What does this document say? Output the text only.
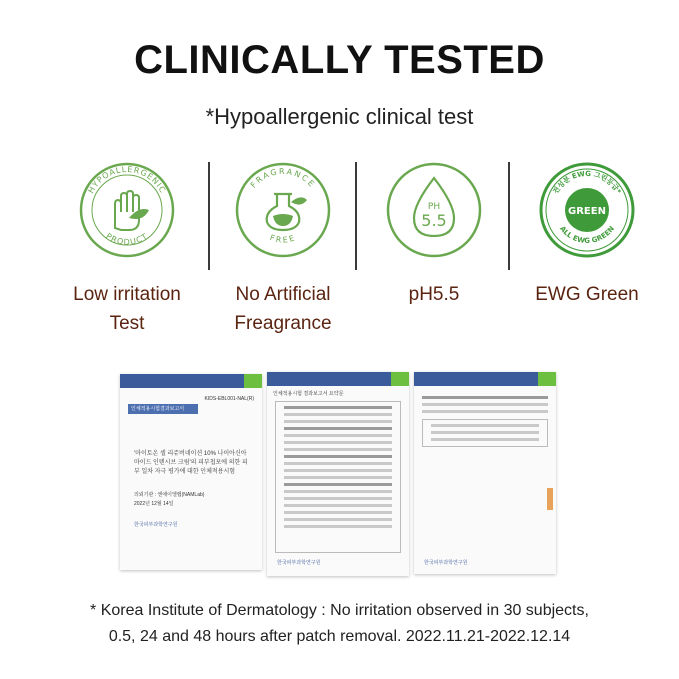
CLINICALLY TESTED
*Hypoallergenic clinical test
HYPOALLERGENIC
PRODUCT
Low irritation
Test
FRAGRANCE
FREE
No Artificial
Freagrance
PH
5.5
pH5.5
전성분 EWG 그린등급*
ALL EWG GREEN
GREEN
EWG Green
KIDS-EBL001-NAL(R)
인체적용시험결과보고서
'마이토온 셀 리쥬버네이션 10% 나이아신아마이드 인텐시브 크림'의 피부첩포에 의한 피부 일차 자극 평가에 대한 인체적용시험
의뢰기관 : 엔에이엘랩(NAMLab)
2022년 12월 14일
한국피부과학연구원
인체적용시험 결과보고서 요약문
한국피부과학연구원	한국피부과학연구원
* Korea Institute of Dermatology : No irritation observed in 30 subjects,
0.5, 24 and 48 hours after patch removal. 2022.11.21-2022.12.14
